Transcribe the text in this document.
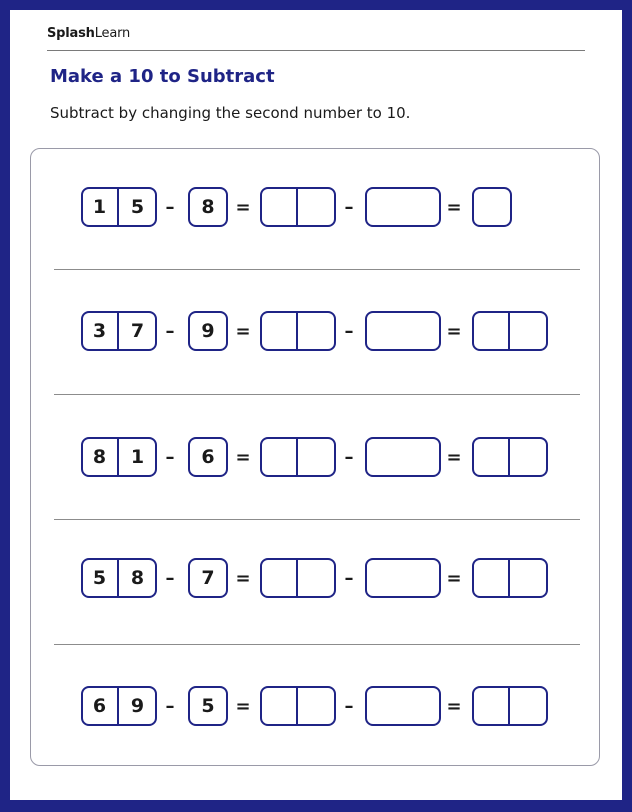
SplashLearn
Make a 10 to Subtract
Subtract by changing the second number to 10.
1	5	–	8	=	–	=
3	7	–	9	=	–	=
8	1	–	6	=	–	=
5	8	–	7	=	–	=
6	9	–	5	=	–	=
